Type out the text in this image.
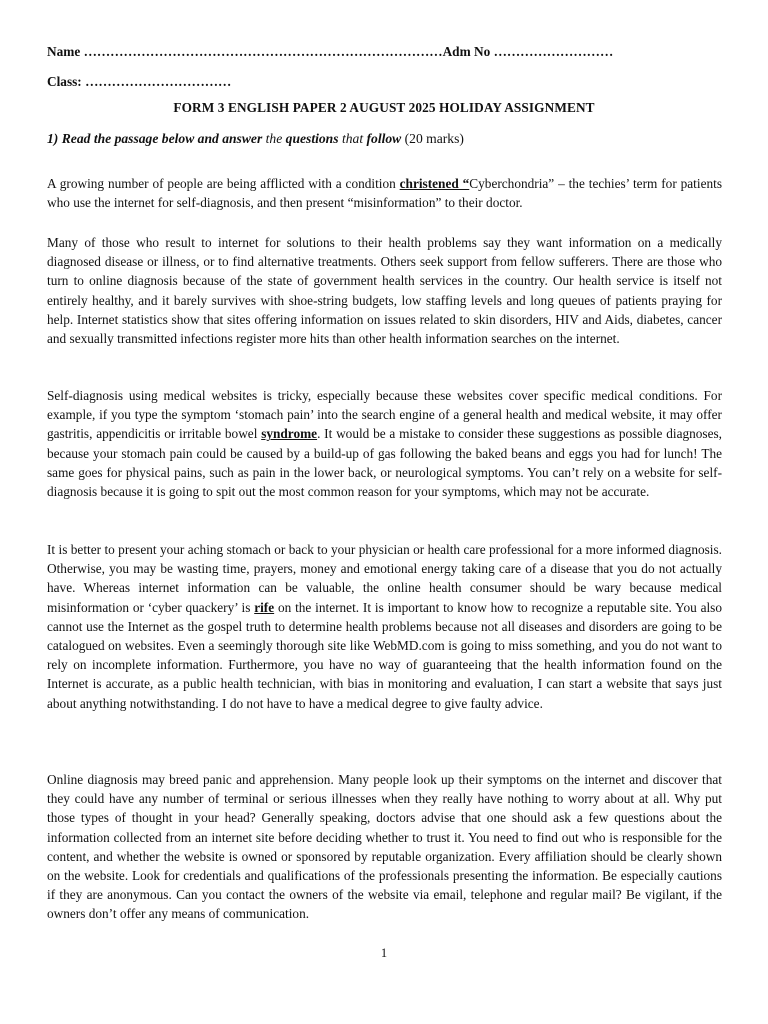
Name ………………………………………………………………………Adm No ………………………
Class: ……………………………
FORM 3 ENGLISH PAPER 2 AUGUST 2025 HOLIDAY ASSIGNMENT
1) Read the passage below and answer the questions that follow (20 marks)

A growing number of people are being afflicted with a condition christened “Cyberchondria” – the techies’ term for patients who use the internet for self-diagnosis, and then present “misinformation” to their doctor.

Many of those who result to internet for solutions to their health problems say they want information on a medically diagnosed disease or illness, or to find alternative treatments. Others seek support from fellow sufferers. There are those who turn to online diagnosis because of the state of government health services in the country. Our health service is itself not entirely healthy, and it barely survives with shoe-string budgets, low staffing levels and long queues of patients praying for help. Internet statistics show that sites offering information on issues related to skin disorders, HIV and Aids, diabetes, cancer and sexually transmitted infections register more hits than other health information searches on the internet.

Self-diagnosis using medical websites is tricky, especially because these websites cover specific medical conditions. For example, if you type the symptom ‘stomach pain’ into the search engine of a general health and medical website, it may offer gastritis, appendicitis or irritable bowel syndrome. It would be a mistake to consider these suggestions as possible diagnoses, because your stomach pain could be caused by a build-up of gas following the baked beans and eggs you had for lunch! The same goes for physical pains, such as pain in the lower back, or neurological symptoms. You can’t rely on a website for self-diagnosis because it is going to spit out the most common reason for your symptoms, which may not be accurate.

It is better to present your aching stomach or back to your physician or health care professional for a more informed diagnosis. Otherwise, you may be wasting time, prayers, money and emotional energy taking care of a disease that you do not actually have. Whereas internet information can be valuable, the online health consumer should be wary because medical misinformation or ‘cyber quackery’ is rife on the internet. It is important to know how to recognize a reputable site. You also cannot use the Internet as the gospel truth to determine health problems because not all diseases and disorders are going to be catalogued on websites. Even a seemingly thorough site like WebMD.com is going to miss something, and you do not want to rely on incomplete information. Furthermore, you have no way of guaranteeing that the health information found on the Internet is accurate, as a public health technician, with bias in monitoring and evaluation, I can start a website that says just about anything notwithstanding. I do not have to have a medical degree to give faulty advice.

Online diagnosis may breed panic and apprehension. Many people look up their symptoms on the internet and discover that they could have any number of terminal or serious illnesses when they really have nothing to worry about at all. Why put those types of thought in your head? Generally speaking, doctors advise that one should ask a few questions about the information collected from an internet site before deciding whether to trust it. You need to find out who is responsible for the content, and whether the website is owned or sponsored by reputable organization. Every affiliation should be clearly shown on the website. Look for credentials and qualifications of the professionals presenting the information. Be especially cautions if they are anonymous. Can you contact the owners of the website via email, telephone and regular mail? Be vigilant, if the owners don’t offer any means of communication.

1
